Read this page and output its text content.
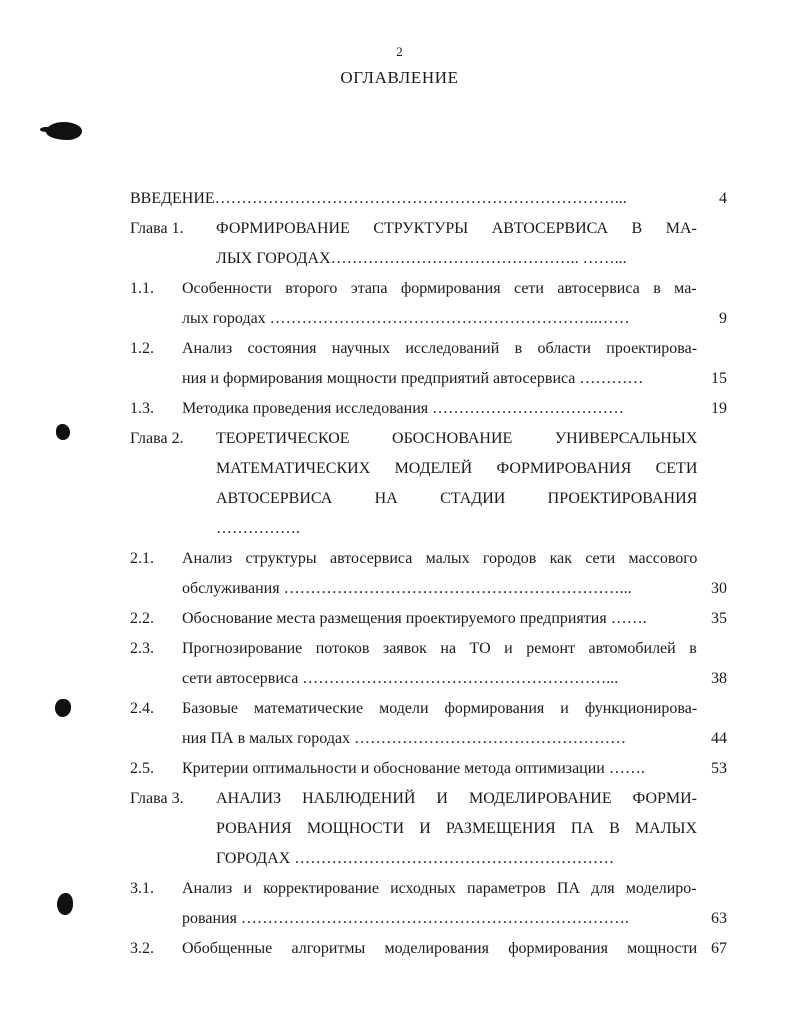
2
ОГЛАВЛЕНИЕ
ВВЕДЕНИЕ…………………………………………………………………...	4
Глава 1. ФОРМИРОВАНИЕ СТРУКТУРЫ АВТОСЕРВИСА В МА-
ЛЫХ ГОРОДАХ……………………………………….. ……...
1.1. Особенности второго этапа формирования сети автосервиса в ма-
лых городах ……………………………………………………..……	9
1.2. Анализ состояния научных исследований в области проектирова-
ния и формирования мощности предприятий автосервиса …………	15
1.3. Методика проведения исследования ………………………………	19
Глава 2. ТЕОРЕТИЧЕСКОЕ ОБОСНОВАНИЕ УНИВЕРСАЛЬНЫХ
МАТЕМАТИЧЕСКИХ МОДЕЛЕЙ ФОРМИРОВАНИЯ СЕТИ
АВТОСЕРВИСА НА СТАДИИ ПРОЕКТИРОВАНИЯ
…………….
2.1. Анализ структуры автосервиса малых городов как сети массового
обслуживания ………………………………………………………...	30
2.2. Обоснование места размещения проектируемого предприятия …….	35
2.3. Прогнозирование потоков заявок на ТО и ремонт автомобилей в
сети автосервиса …………………………………………………...	38
2.4. Базовые математические модели формирования и функционирова-
ния ПА в малых городах ……………………………………………	44
2.5. Критерии оптимальности и обоснование метода оптимизации …….	53
Глава 3. АНАЛИЗ НАБЛЮДЕНИЙ И МОДЕЛИРОВАНИЕ ФОРМИ-
РОВАНИЯ МОЩНОСТИ И РАЗМЕЩЕНИЯ ПА В МАЛЫХ
ГОРОДАХ ……………………………………………………
3.1. Анализ и корректирование исходных параметров ПА для моделиро-
рования ……………………………………………………………….	63
3.2. Обобщенные алгоритмы моделирования формирования мощности 67
